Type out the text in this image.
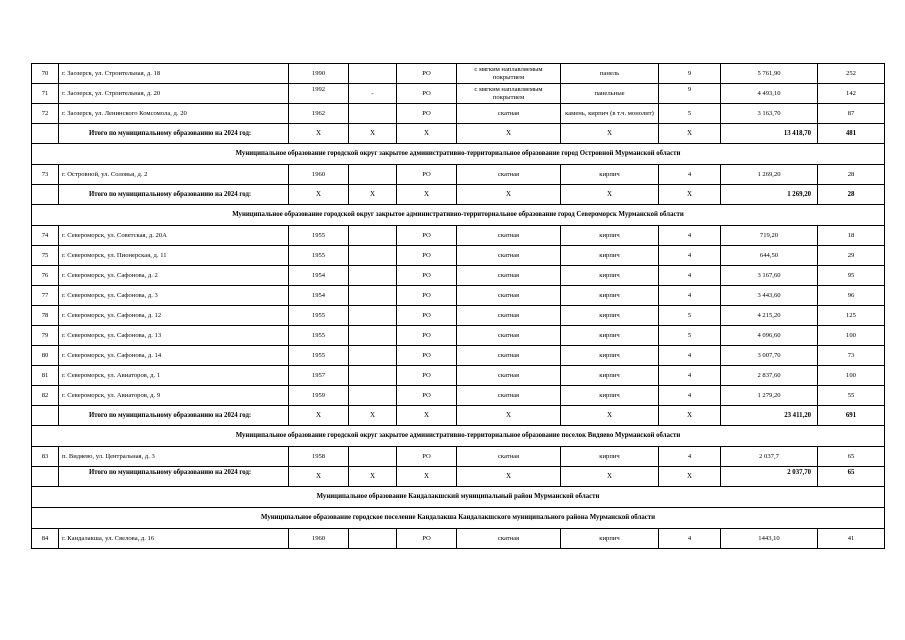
70	г. Заозерск, ул. Строительная, д. 18	1990		РО	с мягким наплавляемым покрытием	панель	9	5 761,90	252
71	г. Заозерск, ул. Строительная, д. 20	1992	-	РО	с мягким наплавляемым покрытием	панельные	9	4 493,10	142
72	г. Заозерск, ул. Ленинского Комсомола, д. 20	1962		РО	скатная	камень, кирпич (в т.ч. монолит)	5	3 163,70	87
	Итого по муниципальному образованию на 2024 год:	Х	Х	Х	Х	Х	Х	13 418,70	481
Муниципальное образование городской округ закрытое административно-территориальное образование город Островной Мурманской области									
73	г. Островной, ул. Соловья, д. 2	1960		РО	скатная	кирпич	4	1 269,20	28
	Итого по муниципальному образованию на 2024 год:	Х	Х	Х	Х	Х	Х	1 269,20	28
Муниципальное образование городской округ закрытое административно-территориальное образование город Североморск Мурманской области									
74	г. Североморск, ул. Советская, д. 20А	1955		РО	скатная	кирпич	4	719,20	18
75	г. Североморск, ул. Пионерская, д. 11	1955		РО	скатная	кирпич	4	644,50	29
76	г. Североморск, ул. Сафонова, д. 2	1954		РО	скатная	кирпич	4	3 167,60	95
77	г. Североморск, ул. Сафонова, д. 3	1954		РО	скатная	кирпич	4	3 443,60	96
78	г. Североморск, ул. Сафонова, д. 12	1955		РО	скатная	кирпич	5	4 215,20	125
79	г. Североморск, ул. Сафонова, д. 13	1955		РО	скатная	кирпич	5	4 096,60	100
80	г. Североморск, ул. Сафонова, д. 14	1955		РО	скатная	кирпич	4	3 007,70	73
81	г. Североморск, ул. Авиаторов, д. 1	1957		РО	скатная	кирпич	4	2 837,60	100
82	г. Североморск, ул. Авиаторов, д. 9	1959		РО	скатная	кирпич	4	1 279,20	55
	Итого по муниципальному образованию на 2024 год:	Х	Х	Х	Х	Х	Х	23 411,20	691
Муниципальное образование городской округ закрытое административно-территориальное образование поселок Видяево Мурманской области									
83	п. Видяево, ул. Центральная, д. 3	1958		РО	скатная	кирпич	4	2 037,7	65
	Итого по муниципальному образованию на 2024 год:	Х	Х	Х	Х	Х	Х	2 037,70	65
Муниципальное образование Кандалакшский муниципальный район Мурманской области									
Муниципальное образование городское поселение Кандалакша Кандалакшского муниципального района Мурманской области									
84	г. Кандалакша, ул. Свелова, д. 16	1960		РО	скатная	кирпич	4	1443,10	41
